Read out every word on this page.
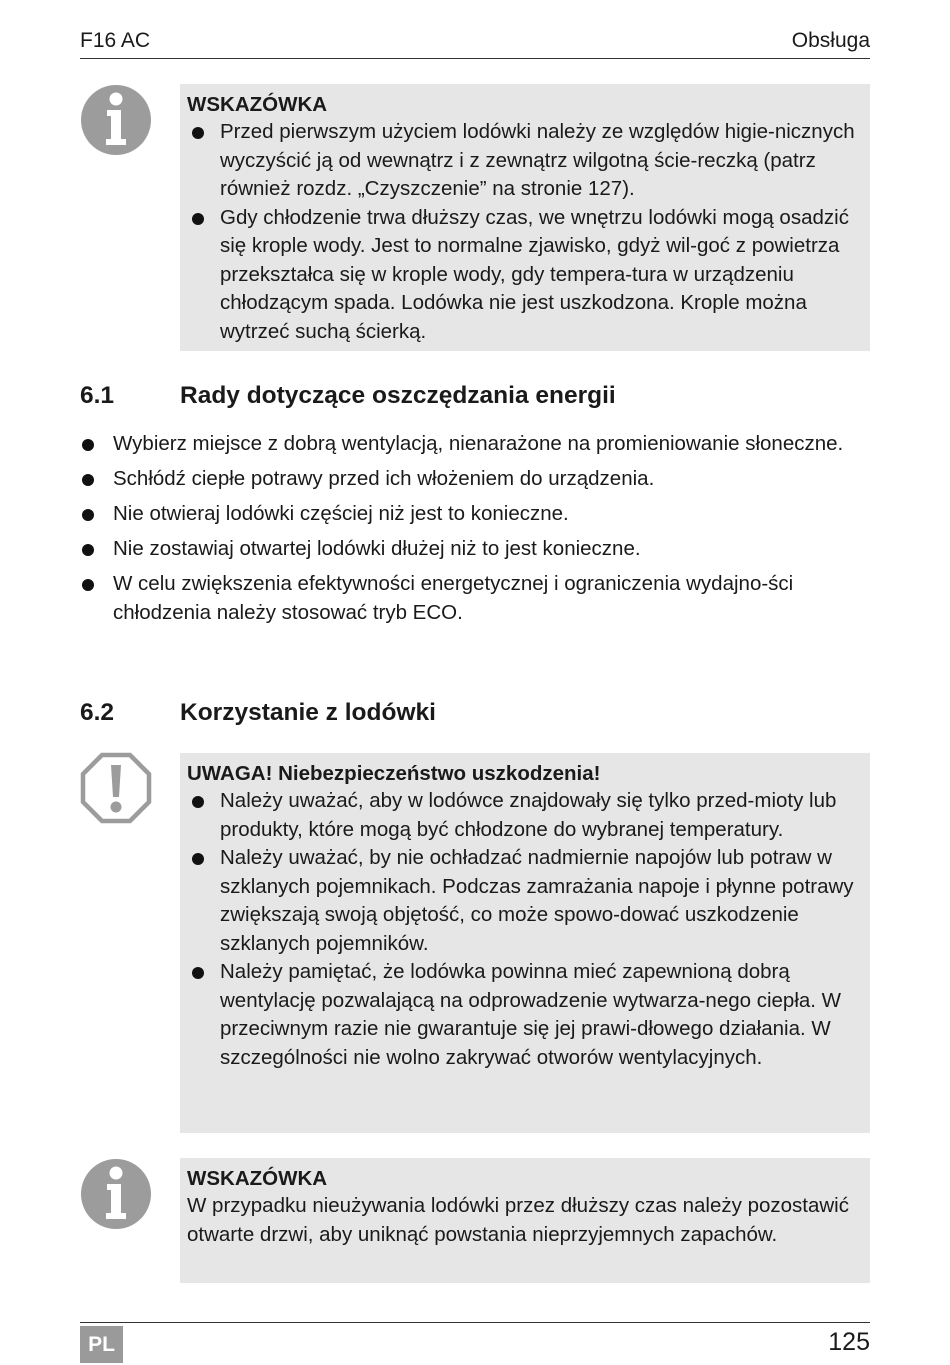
F16 AC	Obsługa
WSKAZÓWKA
Przed pierwszym użyciem lodówki należy ze względów higie-nicznych wyczyścić ją od wewnątrz i z zewnątrz wilgotną ście-reczką (patrz również rozdz. „Czyszczenie” na stronie 127).
Gdy chłodzenie trwa dłuższy czas, we wnętrzu lodówki mogą osadzić się krople wody. Jest to normalne zjawisko, gdyż wil-goć z powietrza przekształca się w krople wody, gdy tempera-tura w urządzeniu chłodzącym spada. Lodówka nie jest uszkodzona. Krople można wytrzeć suchą ścierką.
6.1	Rady dotyczące oszczędzania energii
Wybierz miejsce z dobrą wentylacją, nienarażone na promieniowanie słoneczne.
Schłódź ciepłe potrawy przed ich włożeniem do urządzenia.
Nie otwieraj lodówki częściej niż jest to konieczne.
Nie zostawiaj otwartej lodówki dłużej niż to jest konieczne.
W celu zwiększenia efektywności energetycznej i ograniczenia wydajno-ści chłodzenia należy stosować tryb ECO.
6.2	Korzystanie z lodówki
UWAGA! Niebezpieczeństwo uszkodzenia!
Należy uważać, aby w lodówce znajdowały się tylko przed-mioty lub produkty, które mogą być chłodzone do wybranej temperatury.
Należy uważać, by nie ochładzać nadmiernie napojów lub potraw w szklanych pojemnikach. Podczas zamrażania napoje i płynne potrawy zwiększają swoją objętość, co może spowo-dować uszkodzenie szklanych pojemników.
Należy pamiętać, że lodówka powinna mieć zapewnioną dobrą wentylację pozwalającą na odprowadzenie wytwarza-nego ciepła. W przeciwnym razie nie gwarantuje się jej prawi-dłowego działania. W szczególności nie wolno zakrywać otworów wentylacyjnych.
WSKAZÓWKA
W przypadku nieużywania lodówki przez dłuższy czas należy pozostawić otwarte drzwi, aby uniknąć powstania nieprzyjemnych zapachów.
PL	125
